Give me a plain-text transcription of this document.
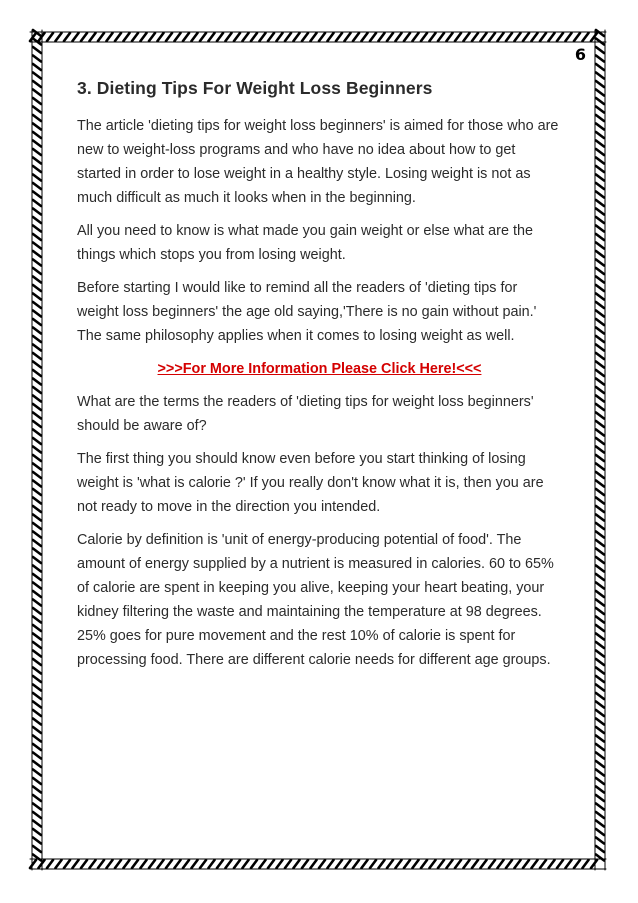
6
3. Dieting Tips For Weight Loss Beginners

The article 'dieting tips for weight loss beginners' is aimed for those who are new to weight-loss programs and who have no idea about how to get started in order to lose weight in a healthy style. Losing weight is not as much difficult as much it looks when in the beginning.

All you need to know is what made you gain weight or else what are the things which stops you from losing weight.

Before starting I would like to remind all the readers of 'dieting tips for weight loss beginners' the age old saying,'There is no gain without pain.' The same philosophy applies when it comes to losing weight as well.

>>>For More Information Please Click Here!<<<

What are the terms the readers of 'dieting tips for weight loss beginners' should be aware of?

The first thing you should know even before you start thinking of losing weight is 'what is calorie ?' If you really don't know what it is, then you are not ready to move in the direction you intended.

Calorie by definition is 'unit of energy-producing potential of food'. The amount of energy supplied by a nutrient is measured in calories. 60 to 65% of calorie are spent in keeping you alive, keeping your heart beating, your kidney filtering the waste and maintaining the temperature at 98 degrees. 25% goes for pure movement and the rest 10% of calorie is spent for processing food. There are different calorie needs for different age groups.
